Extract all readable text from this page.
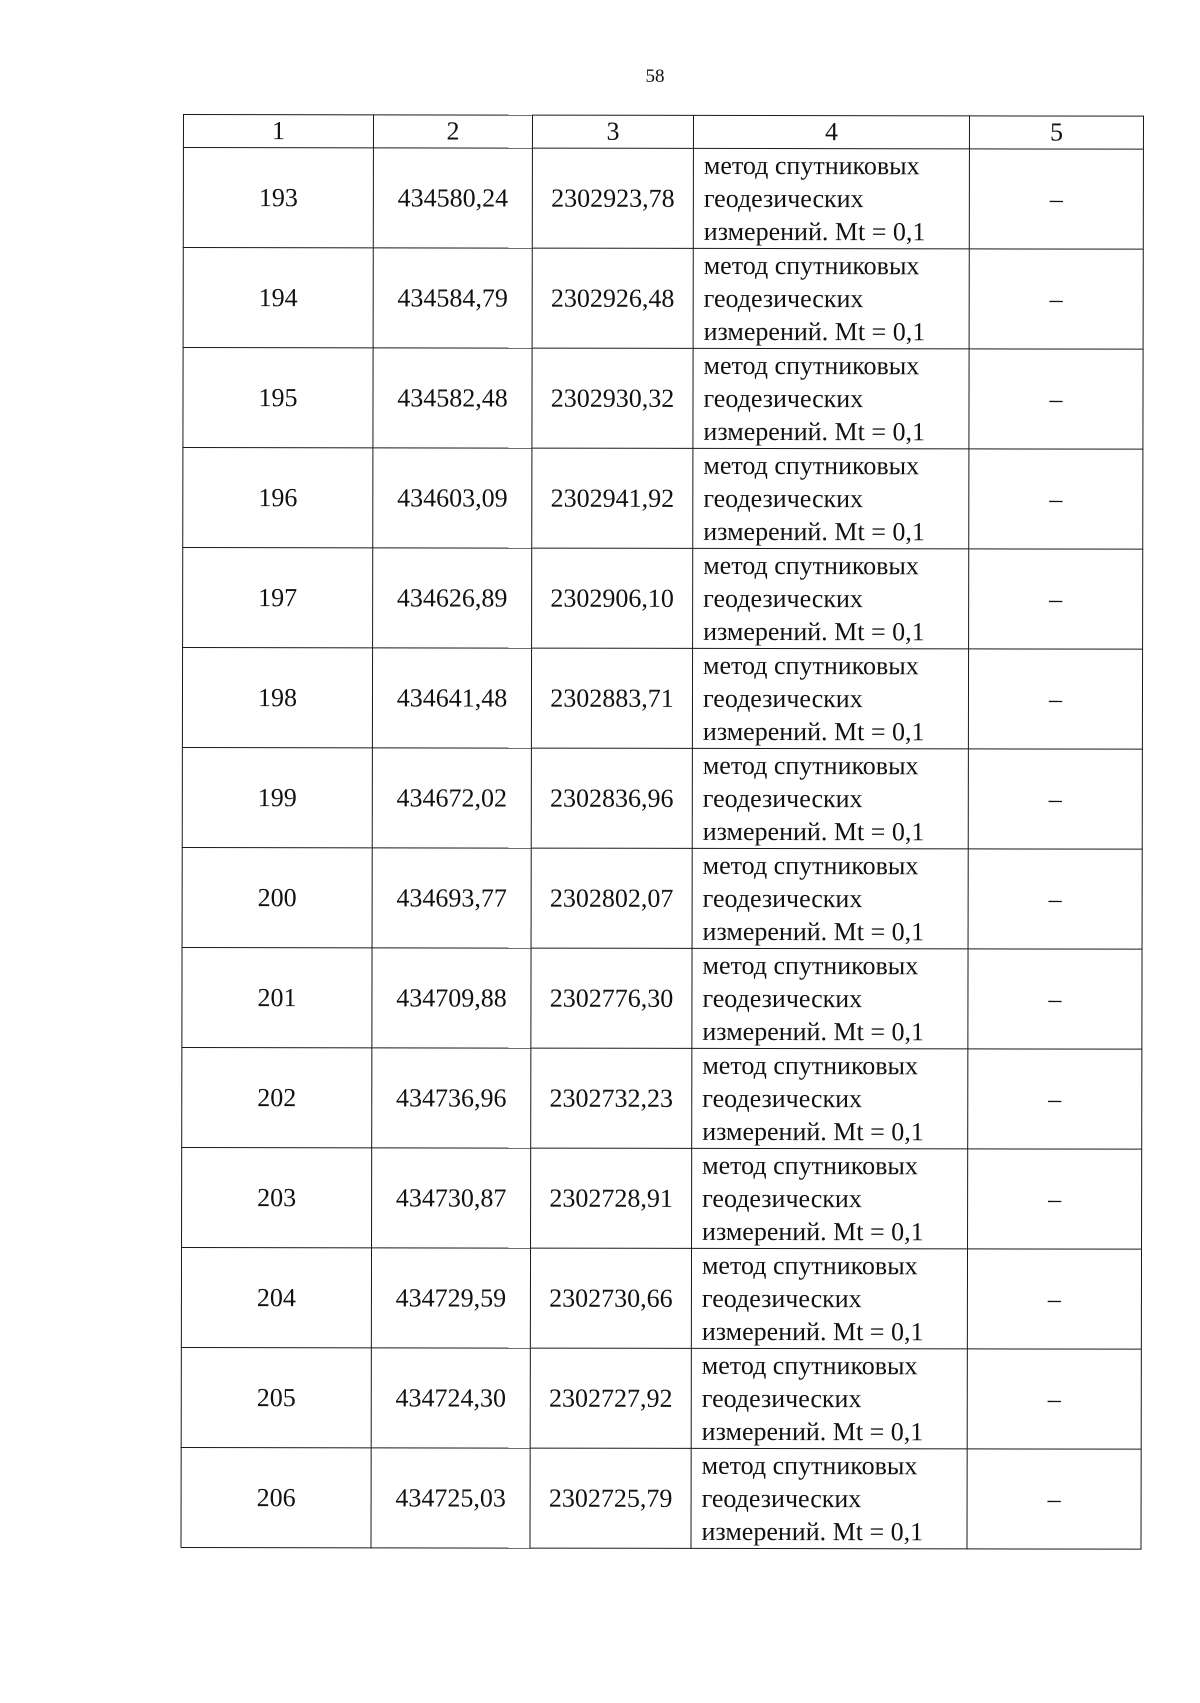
58
1	2	3	4	5
193	434580,24	2302923,78	метод спутниковых
геодезических
измерений. Mt = 0,1	–
194	434584,79	2302926,48	метод спутниковых
геодезических
измерений. Mt = 0,1	–
195	434582,48	2302930,32	метод спутниковых
геодезических
измерений. Mt = 0,1	–
196	434603,09	2302941,92	метод спутниковых
геодезических
измерений. Mt = 0,1	–
197	434626,89	2302906,10	метод спутниковых
геодезических
измерений. Mt = 0,1	–
198	434641,48	2302883,71	метод спутниковых
геодезических
измерений. Mt = 0,1	–
199	434672,02	2302836,96	метод спутниковых
геодезических
измерений. Mt = 0,1	–
200	434693,77	2302802,07	метод спутниковых
геодезических
измерений. Mt = 0,1	–
201	434709,88	2302776,30	метод спутниковых
геодезических
измерений. Mt = 0,1	–
202	434736,96	2302732,23	метод спутниковых
геодезических
измерений. Mt = 0,1	–
203	434730,87	2302728,91	метод спутниковых
геодезических
измерений. Mt = 0,1	–
204	434729,59	2302730,66	метод спутниковых
геодезических
измерений. Mt = 0,1	–
205	434724,30	2302727,92	метод спутниковых
геодезических
измерений. Mt = 0,1	–
206	434725,03	2302725,79	метод спутниковых
геодезических
измерений. Mt = 0,1	–
